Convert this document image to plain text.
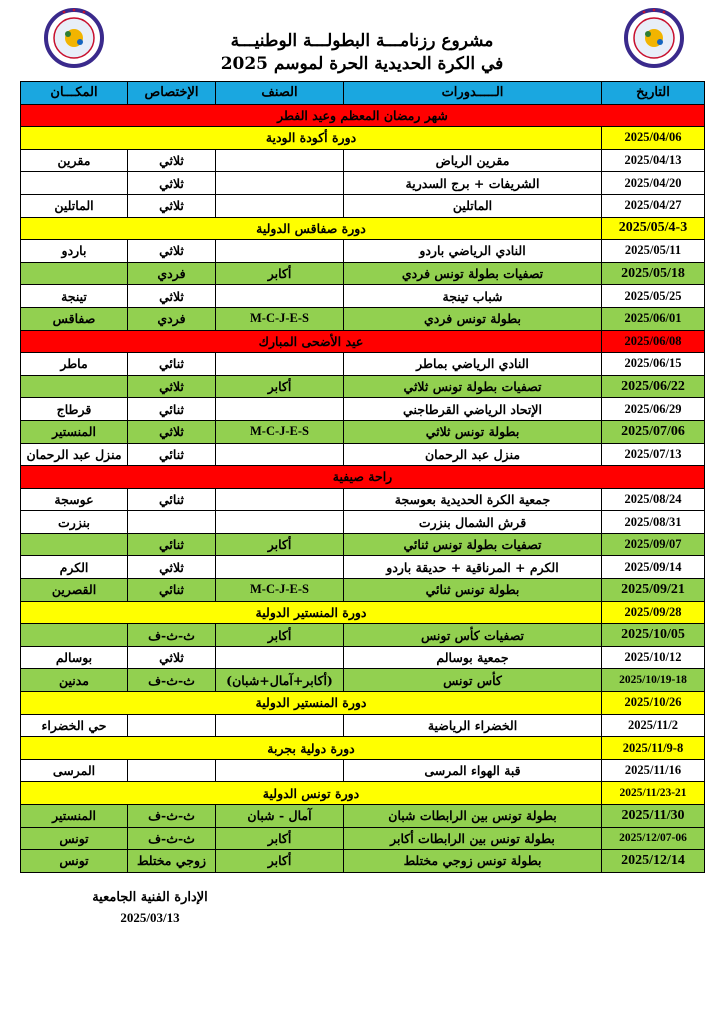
مشروع رزنامـــة البطولـــة الوطنيـــة
في الكرة الحديدية الحرة لموسم 2025
التاريخ	الـــــدورات	الصنف	الإختصاص	المكـــان
شهر رمضان المعظم وعيد الفطر				
2025/04/06	دورة أكودة الودية			
2025/04/13	مقرين الرياض		ثلاثي	مقرين
2025/04/20	الشريفات + برج السدرية		ثلاثي	
2025/04/27	الماتلين		ثلاثي	الماتلين
2025/05/4-3	دورة صفاقس الدولية			
2025/05/11	النادي الرياضي باردو		ثلاثي	باردو
2025/05/18	تصفيات بطولة تونس فردي	أكابر	فردي	
2025/05/25	شباب تينجة		ثلاثي	تينجة
2025/06/01	بطولة تونس فردي	M-C-J-E-S	فردي	صفاقس
2025/06/08	عيد الأضحى المبارك			
2025/06/15	النادي الرياضي بماطر		ثنائي	ماطر
2025/06/22	تصفيات بطولة تونس ثلاثي	أكابر	ثلاثي	
2025/06/29	الإتحاد الرياضي القرطاجني		ثنائي	قرطاج
2025/07/06	بطولة تونس ثلاثي	M-C-J-E-S	ثلاثي	المنستير
2025/07/13	منزل عبد الرحمان		ثنائي	منزل عبد الرحمان
راحة صيفية				
2025/08/24	جمعية الكرة الحديدية بعوسجة		ثنائي	عوسجة
2025/08/31	قرش الشمال بنزرت			بنزرت
2025/09/07	تصفيات بطولة تونس ثنائي	أكابر	ثنائي	
2025/09/14	الكرم + المرناقية + حديقة باردو		ثلاثي	الكرم
2025/09/21	بطولة تونس ثنائي	M-C-J-E-S	ثنائي	القصرين
2025/09/28	دورة المنستير الدولية			
2025/10/05	تصفيات كأس تونس	أكابر	ث-ث-ف	
2025/10/12	جمعية بوسالم		ثلاثي	بوسالم
2025/10/19-18	كأس تونس	(أكابر+آمال+شبان)	ث-ث-ف	مدنين
2025/10/26	دورة المنستير الدولية			
2025/11/2	الخضراء الرياضية			حي الخضراء
2025/11/9-8	دورة دولية بجربة			
2025/11/16	قبة الهواء المرسى			المرسى
2025/11/23-21	دورة تونس الدولية			
2025/11/30	بطولة تونس بين الرابطات شبان	آمال - شبان	ث-ث-ف	المنستير
2025/12/07-06	بطولة تونس بين الرابطات أكابر	أكابر	ث-ث-ف	تونس
2025/12/14	بطولة تونس زوجي مختلط	أكابر	زوجي مختلط	تونس
الإدارة الفنية الجامعية
2025/03/13
